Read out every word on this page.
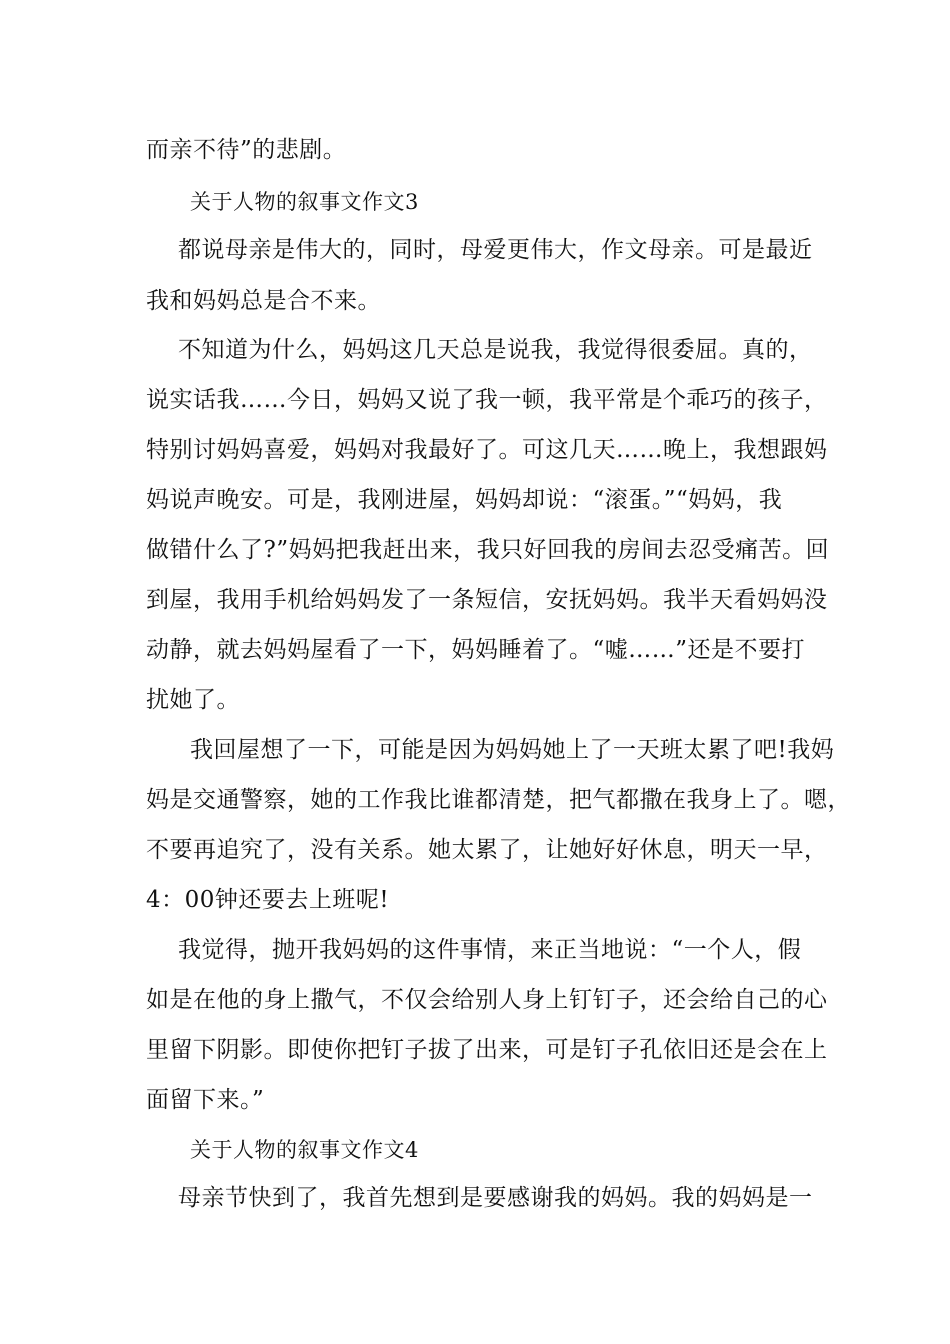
而亲不待”的悲剧。
关于人物的叙事文作文3
都说母亲是伟大的，同时，母爱更伟大，作文母亲。可是最近
我和妈妈总是合不来。
不知道为什么，妈妈这几天总是说我，我觉得很委屈。真的，
说实话我……今日，妈妈又说了我一顿，我平常是个乖巧的孩子，
特别讨妈妈喜爱，妈妈对我最好了。可这几天……晚上，我想跟妈
妈说声晚安。可是，我刚进屋，妈妈却说：“滚蛋。”“妈妈，我
做错什么了?”妈妈把我赶出来，我只好回我的房间去忍受痛苦。回
到屋，我用手机给妈妈发了一条短信，安抚妈妈。我半天看妈妈没
动静，就去妈妈屋看了一下，妈妈睡着了。“嘘……”还是不要打
扰她了。
我回屋想了一下，可能是因为妈妈她上了一天班太累了吧!我妈
妈是交通警察，她的工作我比谁都清楚，把气都撒在我身上了。嗯，
不要再追究了，没有关系。她太累了，让她好好休息，明天一早，
4：00钟还要去上班呢!
我觉得，抛开我妈妈的这件事情，来正当地说：“一个人，假
如是在他的身上撒气，不仅会给别人身上钉钉子，还会给自己的心
里留下阴影。即使你把钉子拔了出来，可是钉子孔依旧还是会在上
面留下来。”
关于人物的叙事文作文4
母亲节快到了，我首先想到是要感谢我的妈妈。我的妈妈是一
